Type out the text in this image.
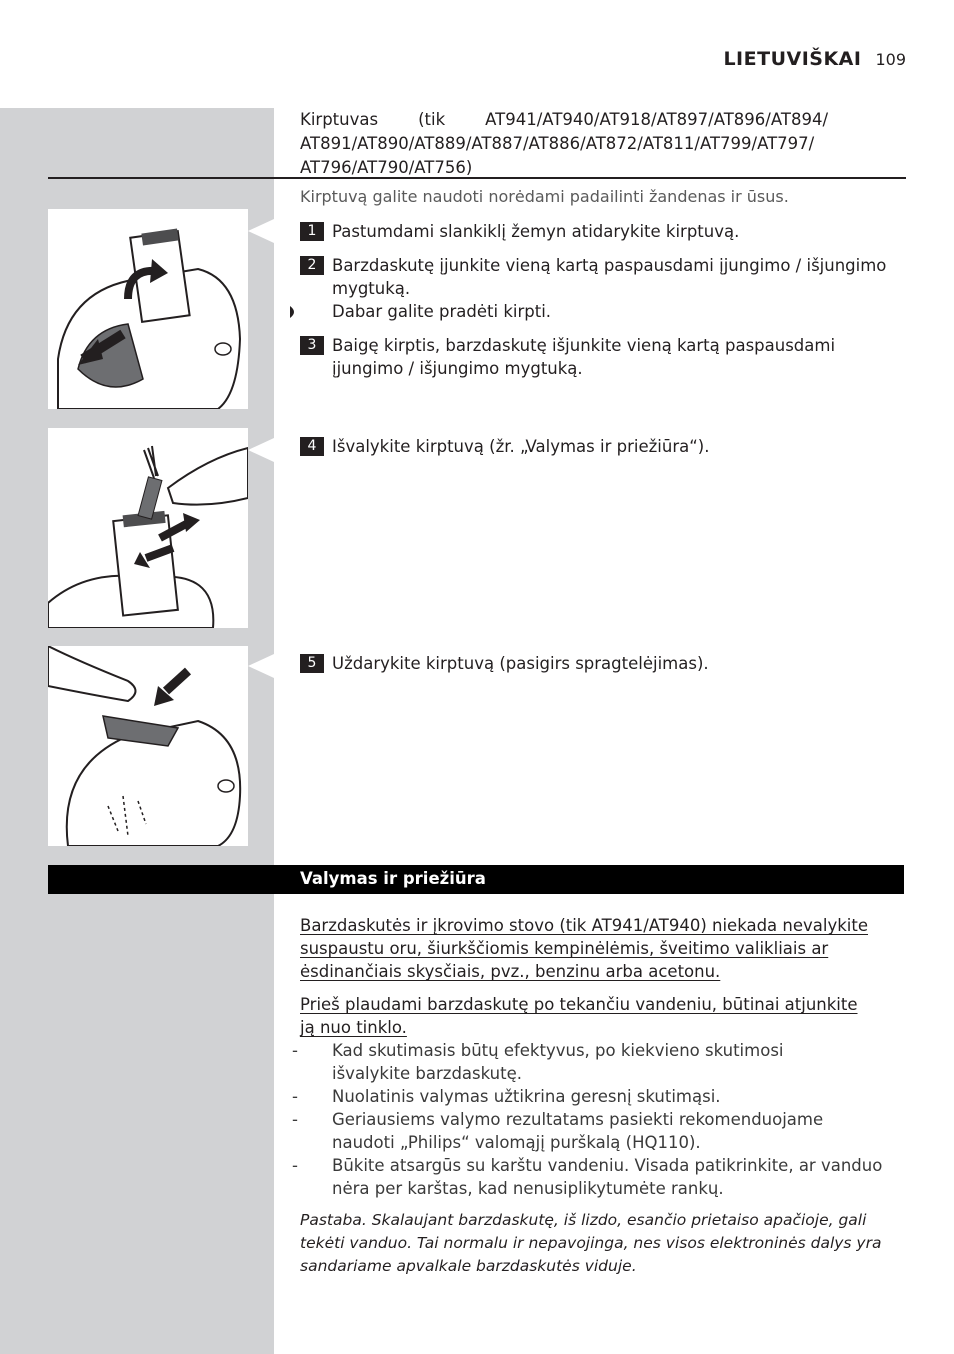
LIETUVIŠKAI 109
Kirptuvas (tik AT941/AT940/AT918/AT897/AT896/AT894/
AT891/AT890/AT889/AT887/AT886/AT872/AT811/AT799/AT797/
AT796/AT790/AT756)
Kirptuvą galite naudoti norėdami padailinti žandenas ir ūsus.
1 Pastumdami slankiklį žemyn atidarykite kirptuvą.
2 Barzdaskutę įjunkite vieną kartą paspausdami įjungimo / išjungimo mygtuką.
Dabar galite pradėti kirpti.
3 Baigę kirptis, barzdaskutę išjunkite vieną kartą paspausdami įjungimo / išjungimo mygtuką.
4 Išvalykite kirptuvą (žr. „Valymas ir priežiūra“).
5 Uždarykite kirptuvą (pasigirs spragtelėjimas).
Valymas ir priežiūra
Barzdaskutės ir įkrovimo stovo (tik AT941/AT940) niekada nevalykite
suspaustu oru, šiurkščiomis kempinėlėmis, šveitimo valikliais ar
ėsdinančiais skysčiais, pvz., benzinu arba acetonu.
Prieš plaudami barzdaskutę po tekančiu vandeniu, būtinai atjunkite
ją nuo tinklo.
- Kad skutimasis būtų efektyvus, po kiekvieno skutimosi išvalykite barzdaskutę.
- Nuolatinis valymas užtikrina geresnį skutimąsi.
- Geriausiems valymo rezultatams pasiekti rekomenduojame naudoti „Philips“ valomąjį purškalą (HQ110).
- Būkite atsargūs su karštu vandeniu. Visada patikrinkite, ar vanduo nėra per karštas, kad nenusiplikytumėte rankų.
Pastaba. Skalaujant barzdaskutę, iš lizdo, esančio prietaiso apačioje, gali tekėti vanduo. Tai normalu ir nepavojinga, nes visos elektroninės dalys yra sandariame apvalkale barzdaskutės viduje.
